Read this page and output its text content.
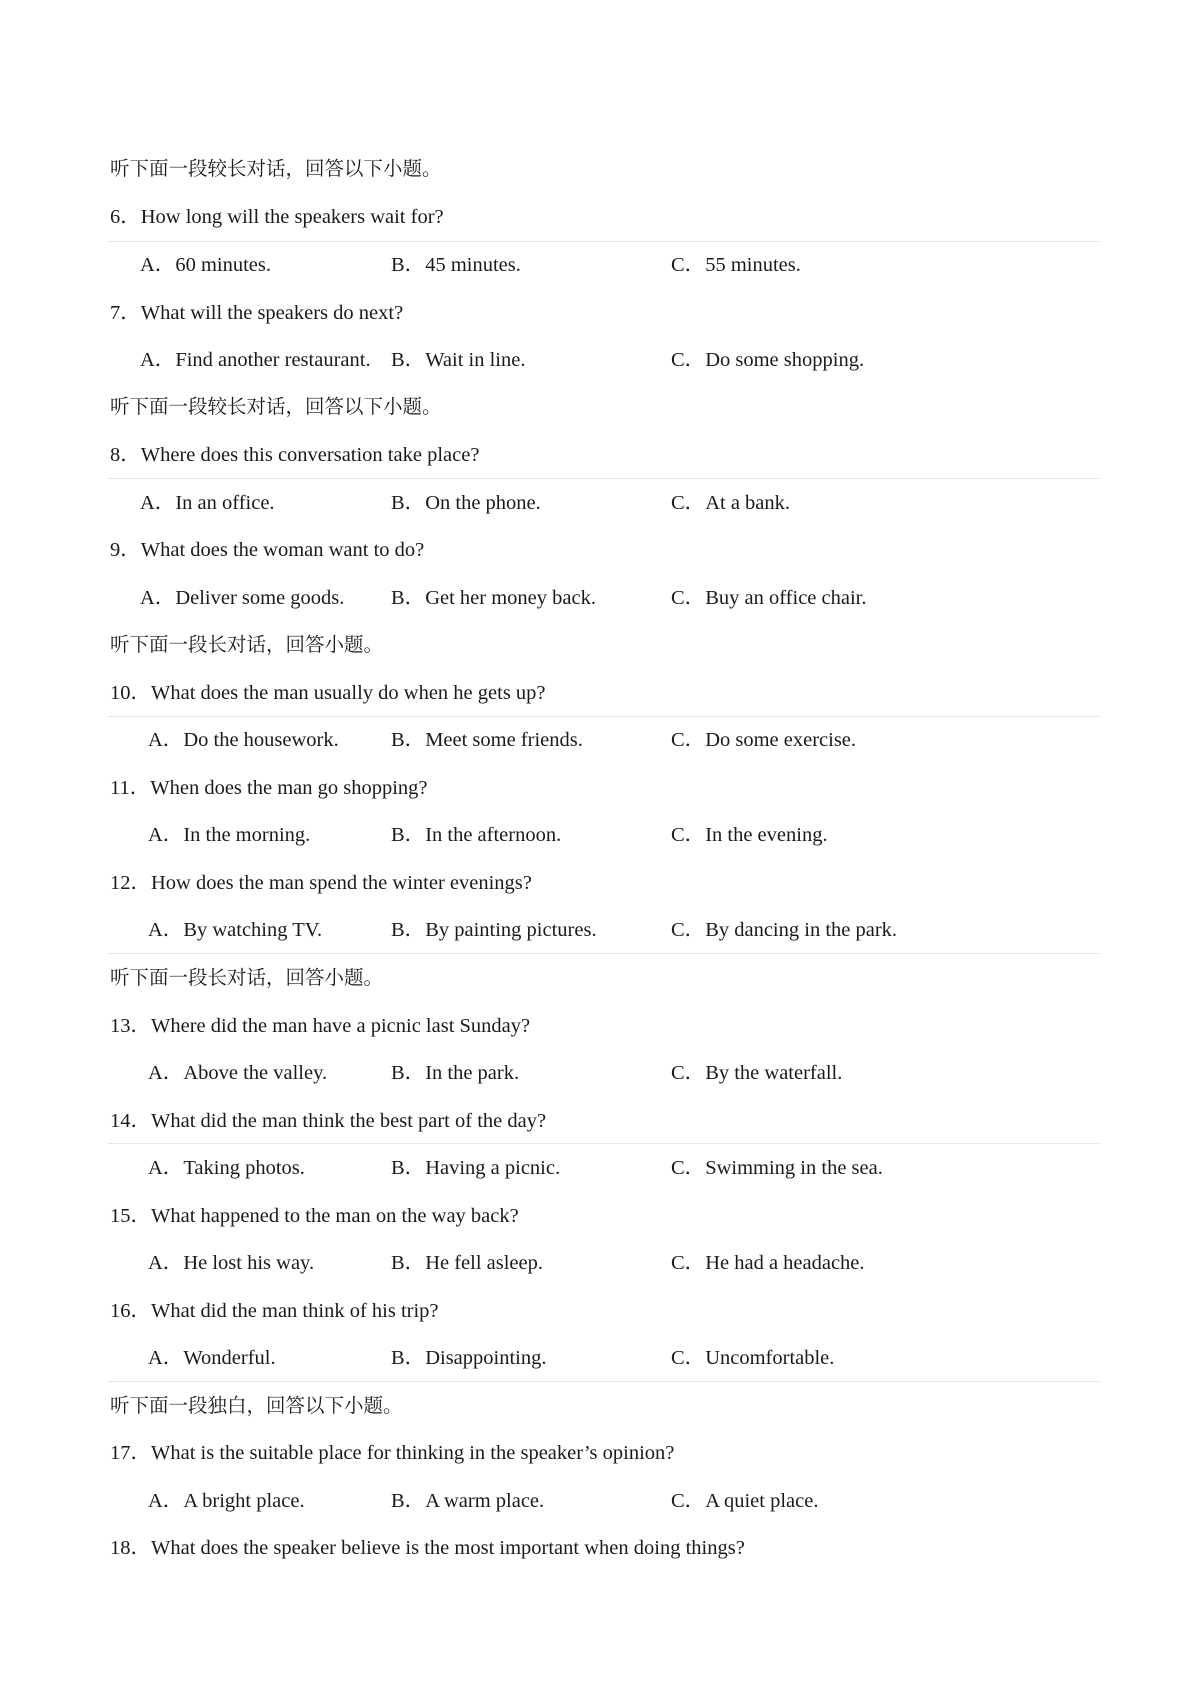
听下面一段较长对话，回答以下小题。
6．How long will the speakers wait for?
A．60 minutes.	B．45 minutes.	C．55 minutes.
7．What will the speakers do next?
A．Find another restaurant. B．Wait in line.	C．Do some shopping.
听下面一段较长对话，回答以下小题。
8．Where does this conversation take place?
A．In an office.	B．On the phone.	C．At a bank.
9．What does the woman want to do?
A．Deliver some goods. B．Get her money back.	C．Buy an office chair.
听下面一段长对话，回答小题。
10．What does the man usually do when he gets up?
A．Do the housework.	B．Meet some friends.	C．Do some exercise.
11．When does the man go shopping?
A．In the morning.	B．In the afternoon.	C．In the evening.
12．How does the man spend the winter evenings?
A．By watching TV.	B．By painting pictures.	C．By dancing in the park.
听下面一段长对话，回答小题。
13．Where did the man have a picnic last Sunday?
A．Above the valley.	B．In the park.	C．By the waterfall.
14．What did the man think the best part of the day?
A．Taking photos.	B．Having a picnic.	C．Swimming in the sea.
15．What happened to the man on the way back?
A．He lost his way.	B．He fell asleep.	C．He had a headache.
16．What did the man think of his trip?
A．Wonderful.	B．Disappointing.	C．Uncomfortable.
听下面一段独白，回答以下小题。
17．What is the suitable place for thinking in the speaker’s opinion?
A．A bright place.	B．A warm place.	C．A quiet place.
18．What does the speaker believe is the most important when doing things?
